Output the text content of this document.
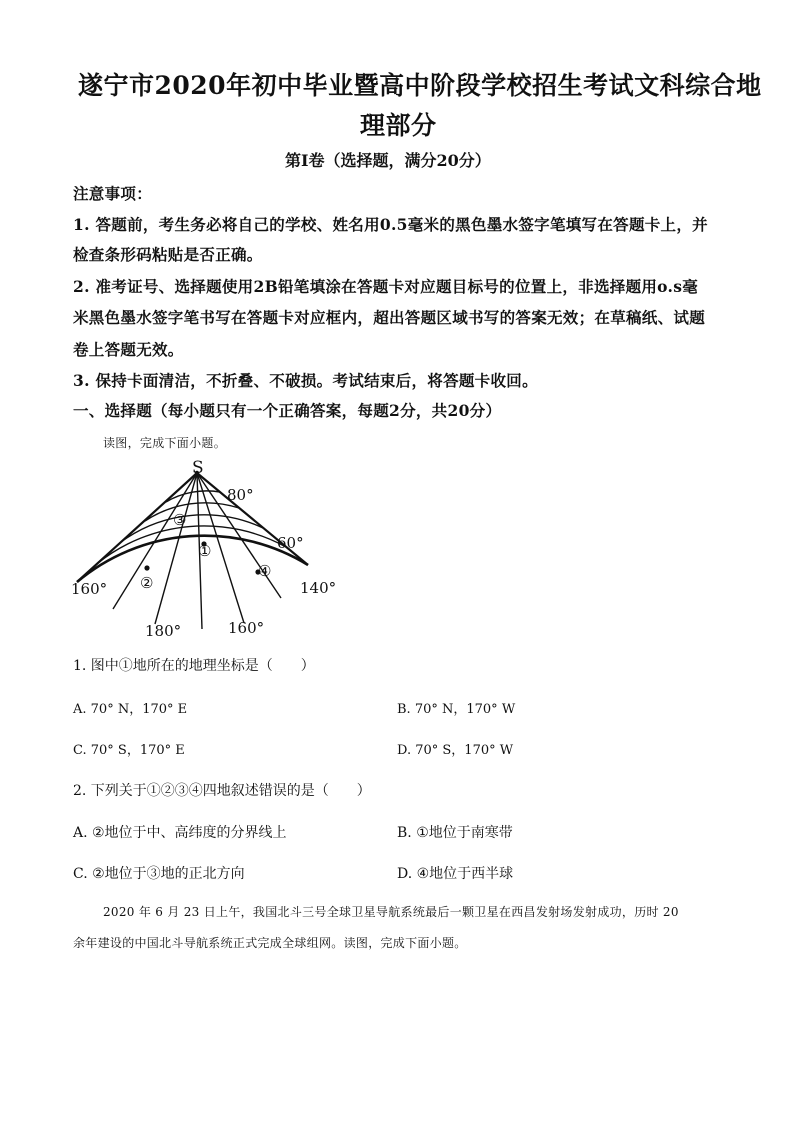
遂宁市2020年初中毕业暨高中阶段学校招生考试文科综合地
理部分
第Ⅰ卷（选择题，满分20分）
注意事项：
1. 答题前，考生务必将自己的学校、姓名用0.5毫米的黑色墨水签字笔填写在答题卡上，并
检查条形码粘贴是否正确。
2. 准考证号、选择题使用2B铅笔填涂在答题卡对应题目标号的位置上，非选择题用o.s毫
米黑色墨水签字笔书写在答题卡对应框内，超出答题区域书写的答案无效；在草稿纸、试题
卷上答题无效。
3. 保持卡面清洁，不折叠、不破损。考试结束后，将答题卡收回。
一、选择题（每小题只有一个正确答案，每题2分，共20分）
读图，完成下面小题。
S
80°
60°
160°	140°
180°	160°
①
②
③
④
1. 图中①地所在的地理坐标是（　　）
A. 70° N，170° E	B. 70° N，170° W
C. 70° S，170° E	D. 70° S，170° W
2. 下列关于①②③④四地叙述错误的是（　　）
A. ②地位于中、高纬度的分界线上	B. ①地位于南寒带
C. ②地位于③地的正北方向	D. ④地位于西半球
2020 年 6 月 23 日上午，我国北斗三号全球卫星导航系统最后一颗卫星在西昌发射场发射成功，历时 20
余年建设的中国北斗导航系统正式完成全球组网。读图，完成下面小题。
